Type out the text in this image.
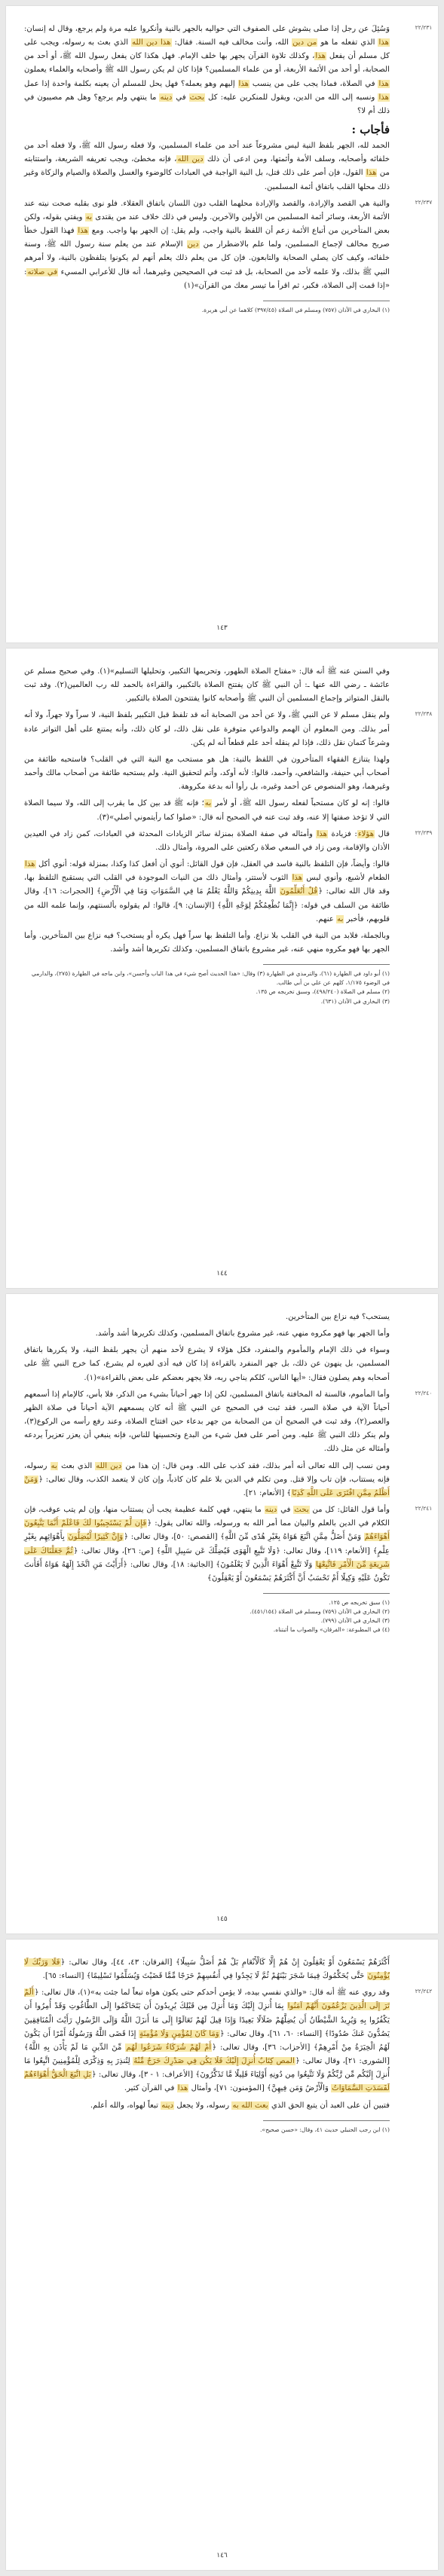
٢٢/٢٣١
وَسُئِلَ عن رجل إذا صلى يشوش على الصفوف التي حواليه بالجهر بالنية وأنكروا عليه مرة ولم يرجع، وقال له إنسان: هذا الذي تفعله ما هو من دين الله، وأنت مخالف فيه السنة. فقال: هذا دين الله الذي بعث به رسوله، ويجب على كل مسلم أن يفعل هذا، وكذلك تلاوة القرآن يجهر بها خلف الإمام. فهل هكذا كان يفعل رسول الله ﷺ، أو أحد من الصحابة، أو أحد من الأئمة الأربعة، أو من علماء المسلمين؟ فإذا كان لم يكن رسول الله ﷺ وأصحابه والعلماء يعملون هذا في الصلاة، فماذا يجب على من ينسب هذا إليهم وهو يعمله؟ فهل يحل للمسلم أن يعينه بكلمة واحدة إذا عمل هذا ونسبه إلى الله من الدين، ويقول للمنكرين عليه: كل بحث في دينه ما ينتهي ولم يرجع؟ وهل هم مصيبون في ذلك أم لا؟

فأجاب :

الحمد لله، الجهر بلفظ النية ليس مشروعاً عند أحد من علماء المسلمين، ولا فعله رسول الله ﷺ، ولا فعله أحد من خلفائه وأصحابه، وسلف الأمة وأئمتها، ومن ادعى أن ذلك دين الله، فإنه مخطئ، ويجب تعريفه الشريعة، واستتابته من هذا القول، فإن أصر على ذلك قتل، بل النية الواجبة في العبادات كالوضوء والغسل والصلاة والصيام والزكاة وغير ذلك محلها القلب باتفاق أئمة المسلمين.

٢٢/٢٣٧
والنية هي القصد والإرادة، والقصد والإرادة محلهما القلب دون اللسان باتفاق العقلاء. فلو نوى بقلبه صحت نيته عند الأئمة الأربعة، وسائر أئمة المسلمين من الأولين والآخرين. وليس في ذلك خلاف عند من يقتدى به ويفتي بقوله، ولكن بعض المتأخرين من أتباع الأئمة زعم أن اللفظ بالنية واجب، ولم يقل: إن الجهر بها واجب. ومع هذا فهذا القول خطأ صريح مخالف لإجماع المسلمين، ولما علم بالاضطرار من دين الإسلام عند من يعلم سنة رسول الله ﷺ، وسنة خلفائه، وكيف كان يصلي الصحابة والتابعون. فإن كل من يعلم ذلك يعلم أنهم لم يكونوا يتلفظون بالنية، ولا أمرهم النبي ﷺ بذلك، ولا علمه لأحد من الصحابة، بل قد ثبت في الصحيحين وغيرهما، أنه قال للأعرابي المسيء في صلاته: «إذا قمت إلى الصلاة، فكبر، ثم اقرأ ما تيسر معك من القرآن»(١)

(١) البخاري في الأذان (٧٥٧) ومسلم في الصلاة (٣٩٧/٤٥) كلاهما عن أبي هريرة.

١٤٣

وفي السنن عنه ﷺ أنه قال: «مفتاح الصلاة الطهور، وتحريمها التكبير، وتحليلها التسليم»(١). وفي صحيح مسلم عن عائشة ـ رضي الله عنها ـ: أن النبي ﷺ كان يفتتح الصلاة بالتكبير، والقراءة بالحمد لله رب العالمين(٢). وقد ثبت بالنقل المتواتر وإجماع المسلمين أن النبي ﷺ وأصحابه كانوا يفتتحون الصلاة بالتكبير.

٢٢/٢٣٨
ولم ينقل مسلم لا عن النبي ﷺ، ولا عن أحد من الصحابة أنه قد تلفظ قبل التكبير بلفظ النية، لا سراً ولا جهراً، ولا أنه أمر بذلك. ومن المعلوم أن الهمم والدواعي متوفرة على نقل ذلك، لو كان ذلك، وأنه يمتنع على أهل التواتر عادة وشرعاً كتمان نقل ذلك، فإذا لم ينقله أحد علم قطعاً أنه لم يكن.

ولهذا يتنازع الفقهاء المتأخرون في اللفظ بالنية: هل هو مستحب مع النية التي في القلب؟ فاستحبه طائفة من أصحاب أبي حنيفة، والشافعي، وأحمد، قالوا: لأنه أوكد، وأتم لتحقيق النية. ولم يستحبه طائفة من أصحاب مالك وأحمد وغيرهما، وهو المنصوص عن أحمد وغيره، بل رأوا أنه بدعة مكروهة.

قالوا: إنه لو كان مستحباً لفعله رسول الله ﷺ، أو لأمر به؛ فإنه ﷺ قد بين كل ما يقرب إلى الله، ولا سيما الصلاة التي لا تؤخذ صفتها إلا عنه، وقد ثبت عنه في الصحيح أنه قال: «صلوا كما رأيتموني أصلي»(٣).

٢٢/٢٣٩
قال هؤلاء: فزيادة هذا وأمثاله في صفة الصلاة بمنزلة سائر الزيادات المحدثة في العبادات، كمن زاد في العيدين الأذان والإقامة، ومن زاد في السعي صلاة ركعتين على المروة، وأمثال ذلك.

قالوا: وأيضاً، فإن التلفظ بالنية فاسد في العقل، فإن قول القائل: أنوي أن أفعل كذا وكذا، بمنزلة قوله: أنوي أكل هذا الطعام لأشبع، وأنوي لبس هذا الثوب لأستتر، وأمثال ذلك من النيات الموجودة في القلب التي يستقبح التلفظ بها، وقد قال الله تعالى: ﴿قُلْ أَتُعَلِّمُونَ اللَّهَ بِدِينِكُمْ وَاللَّهُ يَعْلَمُ مَا فِي السَّمَوَاتِ وَمَا فِي الْأَرْضِ﴾ [الحجرات: ١٦]، وقال طائفة من السلف في قوله: ﴿إِنَّمَا نُطْعِمُكُمْ لِوَجْهِ اللَّهِ﴾ [الإنسان: ٩]، قالوا: لم يقولوه بألسنتهم، وإنما علمه الله من قلوبهم، فأخبر به عنهم.

وبالجملة، فلابد من النية في القلب بلا نزاع. وأما التلفظ بها سراً فهل يكره أو يستحب؟ فيه نزاع بين المتأخرين. وأما الجهر بها فهو مكروه منهي عنه، غير مشروع باتفاق المسلمين، وكذلك تكريرها أشد وأشد.

(١) أبو داود في الطهارة (٦١)، والترمذي في الطهارة (٣) وقال: «هذا الحديث أصح شيء في هذا الباب وأحسن»، وابن ماجه في الطهارة (٢٧٥)، والدارمي في الوضوء ١/١٧٥، كلهم عن علي بن أبي طالب.

(٢) مسلم في الصلاة (٤٩٨/٢٤٠)، وسبق تخريجه ص ١٣٥.

(٣) البخاري في الأذان (٦٣١).

١٤٤

يستحب؟ فيه نزاع بين المتأخرين.

وأما الجهر بها فهو مكروه منهي عنه، غير مشروع باتفاق المسلمين، وكذلك تكريرها أشد وأشد.

وسواء في ذلك الإمام والمأموم والمنفرد، فكل هؤلاء لا يشرع لأحد منهم أن يجهر بلفظ النية، ولا يكررها باتفاق المسلمين، بل ينهون عن ذلك، بل جهر المنفرد بالقراءة إذا كان فيه أذى لغيره لم يشرع، كما خرج النبي ﷺ على أصحابه وهم يصلون فقال: «أيها الناس، كلكم يناجي ربه، فلا يجهر بعضكم على بعض بالقراءة»(١).

٢٢/٢٤٠
وأما المأموم، فالسنة له المخافتة باتفاق المسلمين، لكن إذا جهر أحياناً بشيء من الذكر، فلا بأس، كالإمام إذا أسمعهم أحياناً الآية في صلاة السر، فقد ثبت في الصحيح عن النبي ﷺ أنه كان يسمعهم الآية أحياناً في صلاة الظهر والعصر(٢)، وقد ثبت في الصحيح أن من الصحابة من جهر بدعاء حين افتتاح الصلاة، وعند رفع رأسه من الركوع(٣)، ولم ينكر ذلك النبي ﷺ عليه. ومن أصر على فعل شيء من البدع وتحسينها للناس، فإنه ينبغي أن يعزر تعزيراً يردعه وأمثاله عن مثل ذلك.

ومن نسب إلى الله تعالى أنه أمر بذلك، فقد كذب على الله. ومن قال: إن هذا من دين الله الذي بعث به رسوله، فإنه يستتاب، فإن تاب وإلا قتل. ومن تكلم في الدين بلا علم كان كاذباً، وإن كان لا يتعمد الكذب، وقال تعالى: ﴿وَمَنْ أَظْلَمُ مِمَّنِ افْتَرَى عَلَى اللَّهِ كَذِبًا﴾ [الأنعام: ٢١].

٢٢/٢٤١
وأما قول القائل: كل من بحث في دينه ما ينتهي، فهي كلمة عظيمة يجب أن يستتاب منها، وإن لم يتب عوقب، فإن الكلام في الدين بالعلم والبيان مما أمر الله به ورسوله، والله تعالى يقول: ﴿فَإِن لَّمْ يَسْتَجِيبُوا لَكَ فَاعْلَمْ أَنَّمَا يَتَّبِعُونَ أَهْوَاءَهُمْ وَمَنْ أَضَلُّ مِمَّنِ اتَّبَعَ هَوَاهُ بِغَيْرِ هُدًى مِّنَ اللَّهِ﴾ [القصص: ٥٠]، وقال تعالى: ﴿وَإِنَّ كَثِيرًا لَّيُضِلُّونَ بِأَهْوَائِهِم بِغَيْرِ عِلْمٍ﴾ [الأنعام: ١١٩]، وقال تعالى: ﴿وَلَا تَتَّبِعِ الْهَوَى فَيُضِلَّكَ عَن سَبِيلِ اللَّهِ﴾ [ص: ٢٦]، وقال تعالى: ﴿ثُمَّ جَعَلْنَاكَ عَلَى شَرِيعَةٍ مِّنَ الْأَمْرِ فَاتَّبِعْهَا وَلَا تَتَّبِعْ أَهْوَاءَ الَّذِينَ لَا يَعْلَمُونَ﴾ [الجاثية: ١٨]، وقال تعالى: ﴿أَرَأَيْتَ مَنِ اتَّخَذَ إِلَهَهُ هَوَاهُ أَفَأَنتَ تَكُونُ عَلَيْهِ وَكِيلًا أَمْ تَحْسَبُ أَنَّ أَكْثَرَهُمْ يَسْمَعُونَ أَوْ يَعْقِلُونَ﴾

(١) سبق تخريجه ص ١٢٥.

(٢) البخاري في الأذان (٧٥٩) ومسلم في الصلاة (٤٥١/١٥٤).

(٣) البخاري في الأذان (٧٩٩).

(٤) في المطبوعة: «الفرقان» والصواب ما أثبتناه.

١٤٥

أَكْثَرَهُمْ يَسْمَعُونَ أَوْ يَعْقِلُونَ إِنْ هُمْ إِلَّا كَالْأَنْعَامِ بَلْ هُمْ أَضَلُّ سَبِيلًا﴾ [الفرقان: ٤٣، ٤٤]، وقال تعالى: ﴿فَلَا وَرَبِّكَ لَا يُؤْمِنُونَ حَتَّى يُحَكِّمُوكَ فِيمَا شَجَرَ بَيْنَهُمْ ثُمَّ لَا يَجِدُوا فِي أَنفُسِهِمْ حَرَجًا مِّمَّا قَضَيْتَ وَيُسَلِّمُوا تَسْلِيمًا﴾ [النساء: ٦٥].

٢٢/٢٤٢
وقد روي عنه ﷺ أنه قال: «والذي نفسي بيده، لا يؤمن أحدكم حتى يكون هواه تبعاً لما جئت به»(١)، قال تعالى: ﴿أَلَمْ تَرَ إِلَى الَّذِينَ يَزْعُمُونَ أَنَّهُمْ آمَنُوا بِمَا أُنزِلَ إِلَيْكَ وَمَا أُنزِلَ مِن قَبْلِكَ يُرِيدُونَ أَن يَتَحَاكَمُوا إِلَى الطَّاغُوتِ وَقَدْ أُمِرُوا أَن يَكْفُرُوا بِهِ وَيُرِيدُ الشَّيْطَانُ أَن يُضِلَّهُمْ ضَلَالًا بَعِيدًا وَإِذَا قِيلَ لَهُمْ تَعَالَوْا إِلَى مَا أَنزَلَ اللَّهُ وَإِلَى الرَّسُولِ رَأَيْتَ الْمُنَافِقِينَ يَصُدُّونَ عَنكَ صُدُودًا﴾ [النساء: ٦٠، ٦١]، وقال تعالى: ﴿وَمَا كَانَ لِمُؤْمِنٍ وَلَا مُؤْمِنَةٍ إِذَا قَضَى اللَّهُ وَرَسُولُهُ أَمْرًا أَن يَكُونَ لَهُمُ الْخِيَرَةُ مِنْ أَمْرِهِمْ﴾ [الأحزاب: ٣٦]، وقال تعالى: ﴿أَمْ لَهُمْ شُرَكَاءُ شَرَعُوا لَهُم مِّنَ الدِّينِ مَا لَمْ يَأْذَن بِهِ اللَّهُ﴾ [الشورى: ٢١]، وقال تعالى: ﴿المص كِتَابٌ أُنزِلَ إِلَيْكَ فَلَا يَكُن فِي صَدْرِكَ حَرَجٌ مِّنْهُ لِتُنذِرَ بِهِ وَذِكْرَى لِلْمُؤْمِنِينَ اتَّبِعُوا مَا أُنزِلَ إِلَيْكُم مِّن رَّبِّكُمْ وَلَا تَتَّبِعُوا مِن دُونِهِ أَوْلِيَاءَ قَلِيلًا مَّا تَذَكَّرُونَ﴾ [الأعراف: ١ - ٣]، وقال تعالى: ﴿بَلِ اتَّبَعَ الْحَقُّ أَهْوَاءَهُمْ لَفَسَدَتِ السَّمَاوَاتُ وَالْأَرْضُ وَمَن فِيهِنَّ﴾ [المؤمنون: ٧١]، وأمثال هذا في القرآن كثير.

فتبين أن على العبد أن يتبع الحق الذي بعث الله به رسوله، ولا يجعل دينه تبعاً لهواه، والله أعلم.

(١) ابن رجب الحنبلي حديث ٤١، وقال: «حسن صحيح».

١٤٦
